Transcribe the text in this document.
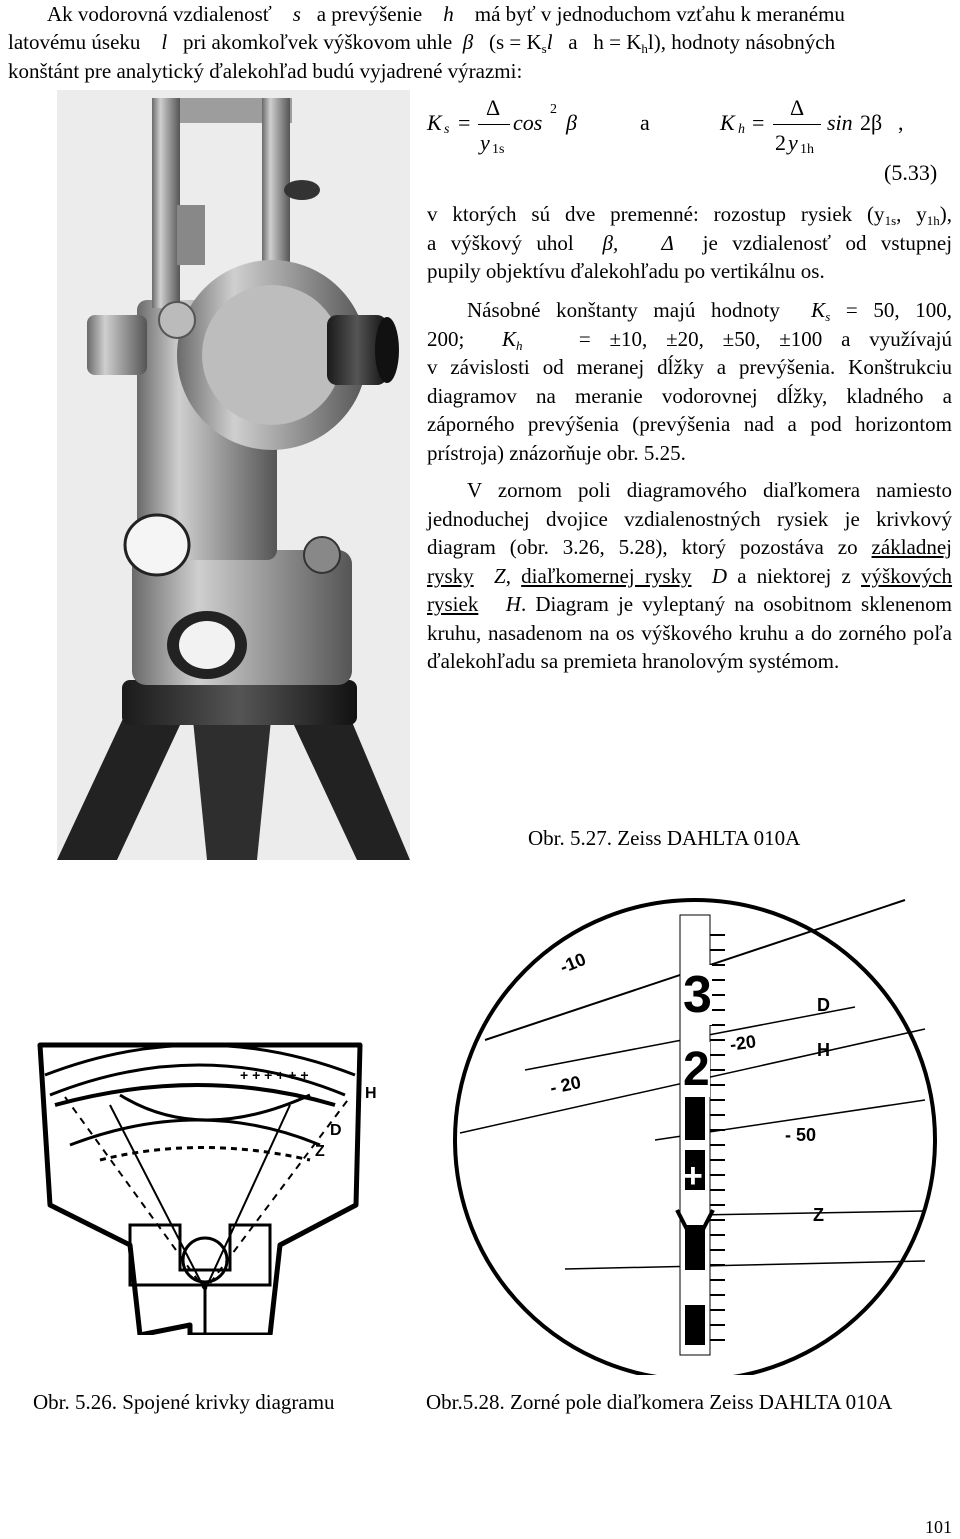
Ak vodorovná vzdialenosť s a prevýšenie h má byť v jednoduchom vzťahu k meranému
latovému úseku l pri akomkoľvek výškovom uhle β ($s = K_sl$ a $h = K_hl$), hodnoty násobných
konštánt pre analytický ďalekohľad budú vyjadrené výrazmi:
K s =
Δ
y 1s
cos
2
β	a	K h =
Δ
2 y 1h
sin 2β ,
(5.33)
v ktorých sú dve premenné: rozostup rysiek ($y_{1s}$, $y_{1h}$),
a výškový uhol β, Δ je vzdialenosť od vstupnej
pupily objektívu ďalekohľadu po vertikálnu os.
Násobné konštanty majú hodnoty $K_s = 50$, 100,
200; $K_h$	= ±10, ±20, ±50, ±100 a využívajú
v závislosti od meranej dĺžky a prevýšenia. Konštrukciu diagramov na meranie vodorovnej dĺžky, kladného a záporného prevýšenia (prevýšenia nad a pod horizontom prístroja) znázorňuje obr. 5.25.
V zornom poli diagramového diaľkomera namiesto jednoduchej dvojice vzdialenostných rysiek je krivkový diagram (obr. 3.26, 5.28), ktorý pozostáva zo základnej rysky Z, diaľkomernej rysky D a niektorej z výškových rysiek H. Diagram je vyleptaný na osobitnom sklenenom kruhu, nasadenom na os výškového kruhu a do zorného poľa ďalekohľadu sa premieta hranolovým systémom.
Obr. 5.27. Zeiss DAHLTA 010A
+ + + + + +
H
D
Z
-10
3	D
-20	H
2
- 20
- 50
+
Z
Obr. 5.26. Spojené krivky diagramu	Obr.5.28. Zorné pole diaľkomera Zeiss DAHLTA 010A
101
